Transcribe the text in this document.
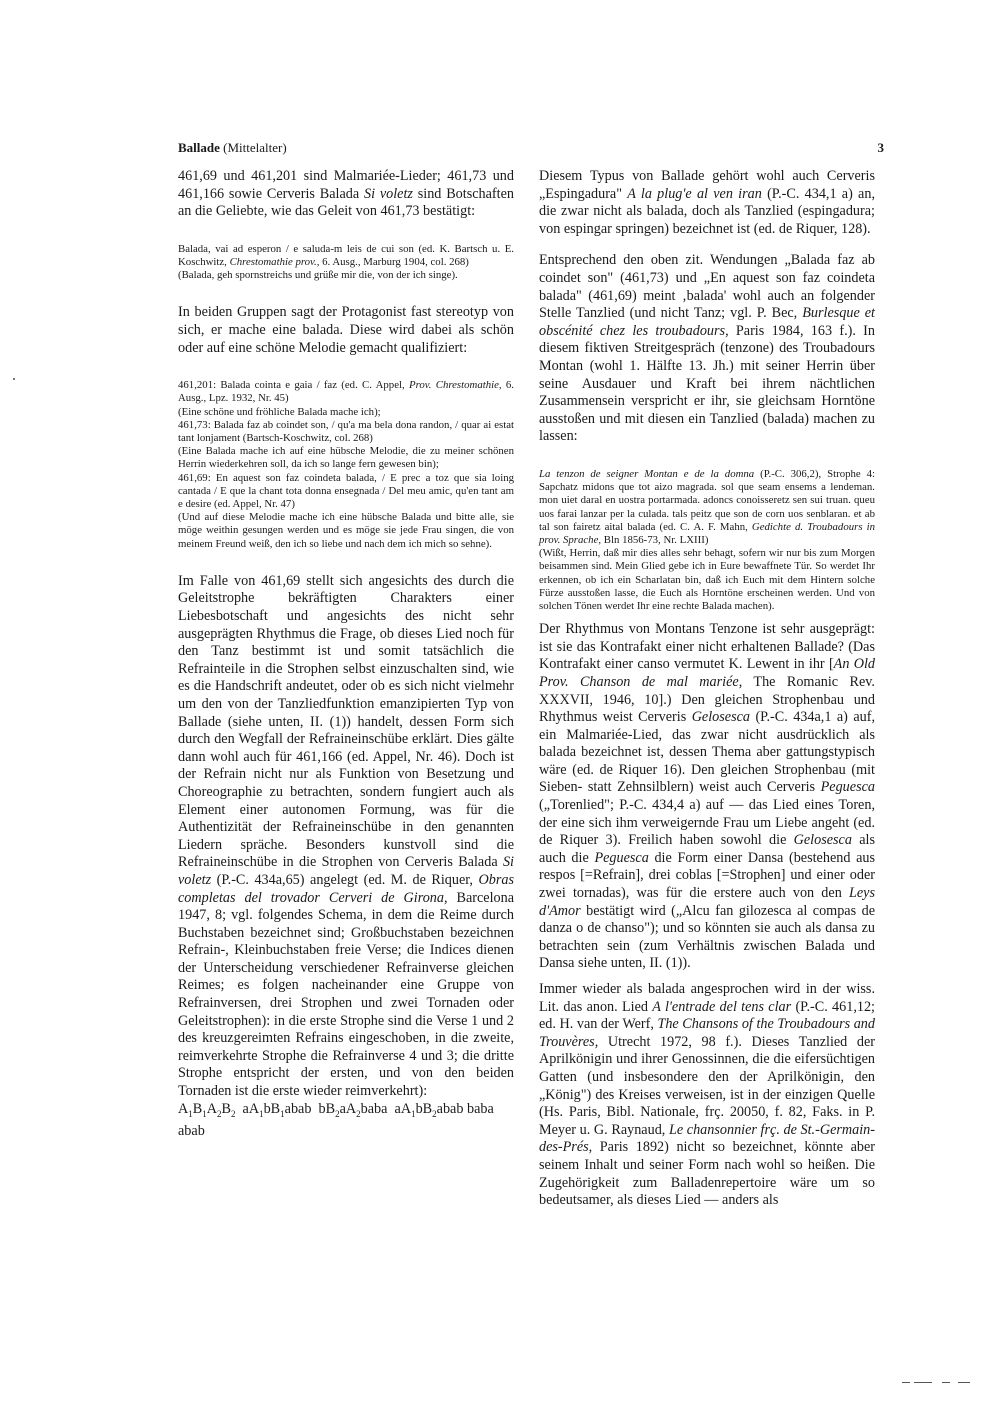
Ballade (Mittelalter)	3

461,69 und 461,201 sind Malmariée-Lieder; 461,73 und 461,166 sowie Cerveris Balada Si voletz sind Botschaften an die Geliebte, wie das Geleit von 461,73 bestätigt:

Balada, vai ad esperon / e saluda-m leis de cui son (ed. K. Bartsch u. E. Koschwitz, Chrestomathie prov., 6. Ausg., Marburg 1904, col. 268)

(Balada, geh spornstreichs und grüße mir die, von der ich singe).

In beiden Gruppen sagt der Protagonist fast stereotyp von sich, er mache eine balada. Diese wird dabei als schön oder auf eine schöne Melodie gemacht qualifiziert:

461,201: Balada cointa e gaia / faz (ed. C. Appel, Prov. Chrestomathie, 6. Ausg., Lpz. 1932, Nr. 45)

(Eine schöne und fröhliche Balada mache ich);

461,73: Balada faz ab coindet son, / qu'a ma bela dona randon, / quar ai estat tant lonjament (Bartsch-Koschwitz, col. 268)

(Eine Balada mache ich auf eine hübsche Melodie, die zu meiner schönen Herrin wiederkehren soll, da ich so lange fern gewesen bin);

461,69: En aquest son faz coindeta balada, / E prec a toz que sia loing cantada / E que la chant tota donna ensegnada / Del meu amic, qu'en tant am e desire (ed. Appel, Nr. 47)

(Und auf diese Melodie mache ich eine hübsche Balada und bitte alle, sie möge weithin gesungen werden und es möge sie jede Frau singen, die von meinem Freund weiß, den ich so liebe und nach dem ich mich so sehne).

Im Falle von 461,69 stellt sich angesichts des durch die Geleitstrophe bekräftigten Charakters einer Liebesbotschaft und angesichts des nicht sehr ausgeprägten Rhythmus die Frage, ob dieses Lied noch für den Tanz bestimmt ist und somit tatsächlich die Refrainteile in die Strophen selbst einzuschalten sind, wie es die Handschrift andeutet, oder ob es sich nicht vielmehr um den von der Tanzliedfunktion emanzipierten Typ von Ballade (siehe unten, II. (1)) handelt, dessen Form sich durch den Wegfall der Refraineinschübe erklärt. Dies gälte dann wohl auch für 461,166 (ed. Appel, Nr. 46). Doch ist der Refrain nicht nur als Funktion von Besetzung und Choreographie zu betrachten, sondern fungiert auch als Element einer autonomen Formung, was für die Authentizität der Refraineinschübe in den genannten Liedern spräche. Besonders kunstvoll sind die Refraineinschübe in die Strophen von Cerveris Balada Si voletz (P.-C. 434a,65) angelegt (ed. M. de Riquer, Obras completas del trovador Cerveri de Girona, Barcelona 1947, 8; vgl. folgendes Schema, in dem die Reime durch Buchstaben bezeichnet sind; Großbuchstaben bezeichnen Refrain-, Kleinbuchstaben freie Verse; die Indices dienen der Unterscheidung verschiedener Refrainverse gleichen Reimes; es folgen nacheinander eine Gruppe von Refrainversen, drei Strophen und zwei Tornaden oder Geleitstrophen): in die erste Strophe sind die Verse 1 und 2 des kreuzgereimten Refrains eingeschoben, in die zweite, reimverkehrte Strophe die Refrainverse 4 und 3; die dritte Strophe entspricht der ersten, und von den beiden Tornaden ist die erste wieder reimverkehrt):

$A_1B_1A_2B_2$ $aA_1bB_1abab$ $bB_2aA_2baba$ $aA_1bB_2abab$ baba abab

Diesem Typus von Ballade gehört wohl auch Cerveris „Espingadura" A la plug'e al ven iran (P.-C. 434,1 a) an, die zwar nicht als balada, doch als Tanzlied (espingadura; von espingar springen) bezeichnet ist (ed. de Riquer, 128).

Entsprechend den oben zit. Wendungen „Balada faz ab coindet son" (461,73) und „En aquest son faz coindeta balada" (461,69) meint ‚balada' wohl auch an folgender Stelle Tanzlied (und nicht Tanz; vgl. P. Bec, Burlesque et obscénité chez les troubadours, Paris 1984, 163 f.). In diesem fiktiven Streitgespräch (tenzone) des Troubadours Montan (wohl 1. Hälfte 13. Jh.) mit seiner Herrin über seine Ausdauer und Kraft bei ihrem nächtlichen Zusammensein verspricht er ihr, sie gleichsam Horntöne ausstoßen und mit diesen ein Tanzlied (balada) machen zu lassen:

La tenzon de seigner Montan e de la domna (P.-C. 306,2), Strophe 4: Sapchatz midons que tot aizo magrada. sol que seam ensems a lendeman. mon uiet daral en uostra portarmada. adoncs conoisseretz sen sui truan. queu uos farai lanzar per la culada. tals peitz que son de corn uos senblaran. et ab tal son fairetz aital balada (ed. C. A. F. Mahn, Gedichte d. Troubadours in prov. Sprache, Bln 1856-73, Nr. LXIII)

(Wißt, Herrin, daß mir dies alles sehr behagt, sofern wir nur bis zum Morgen beisammen sind. Mein Glied gebe ich in Eure bewaffnete Tür. So werdet Ihr erkennen, ob ich ein Scharlatan bin, daß ich Euch mit dem Hintern solche Fürze ausstoßen lasse, die Euch als Horntöne erscheinen werden. Und von solchen Tönen werdet Ihr eine rechte Balada machen).

Der Rhythmus von Montans Tenzone ist sehr ausgeprägt: ist sie das Kontrafakt einer nicht erhaltenen Ballade? (Das Kontrafakt einer canso vermutet K. Lewent in ihr [An Old Prov. Chanson de mal mariée, The Romanic Rev. XXXVII, 1946, 10].) Den gleichen Strophenbau und Rhythmus weist Cerveris Gelosesca (P.-C. 434a,1 a) auf, ein Malmariée-Lied, das zwar nicht ausdrücklich als balada bezeichnet ist, dessen Thema aber gattungstypisch wäre (ed. de Riquer 16). Den gleichen Strophenbau (mit Sieben- statt Zehnsilblern) weist auch Cerveris Peguesca („Torenlied"; P.-C. 434,4 a) auf — das Lied eines Toren, der eine sich ihm verweigernde Frau um Liebe angeht (ed. de Riquer 3). Freilich haben sowohl die Gelosesca als auch die Peguesca die Form einer Dansa (bestehend aus respos [=Refrain], drei coblas [=Strophen] und einer oder zwei tornadas), was für die erstere auch von den Leys d'Amor bestätigt wird („Alcu fan gilozesca al compas de danza o de chanso"); und so könnten sie auch als dansa zu betrachten sein (zum Verhältnis zwischen Balada und Dansa siehe unten, II. (1)).

Immer wieder als balada angesprochen wird in der wiss. Lit. das anon. Lied A l'entrade del tens clar (P.-C. 461,12; ed. H. van der Werf, The Chansons of the Troubadours and Trouvères, Utrecht 1972, 98 f.). Dieses Tanzlied der Aprilkönigin und ihrer Genossinnen, die die eifersüchtigen Gatten (und insbesondere den der Aprilkönigin, den „König") des Kreises verweisen, ist in der einzigen Quelle (Hs. Paris, Bibl. Nationale, frç. 20050, f. 82, Faks. in P. Meyer u. G. Raynaud, Le chansonnier frç. de St.-Germain-des-Prés, Paris 1892) nicht so bezeichnet, könnte aber seinem Inhalt und seiner Form nach wohl so heißen. Die Zugehörigkeit zum Balladenrepertoire wäre um so bedeutsamer, als dieses Lied — anders als
